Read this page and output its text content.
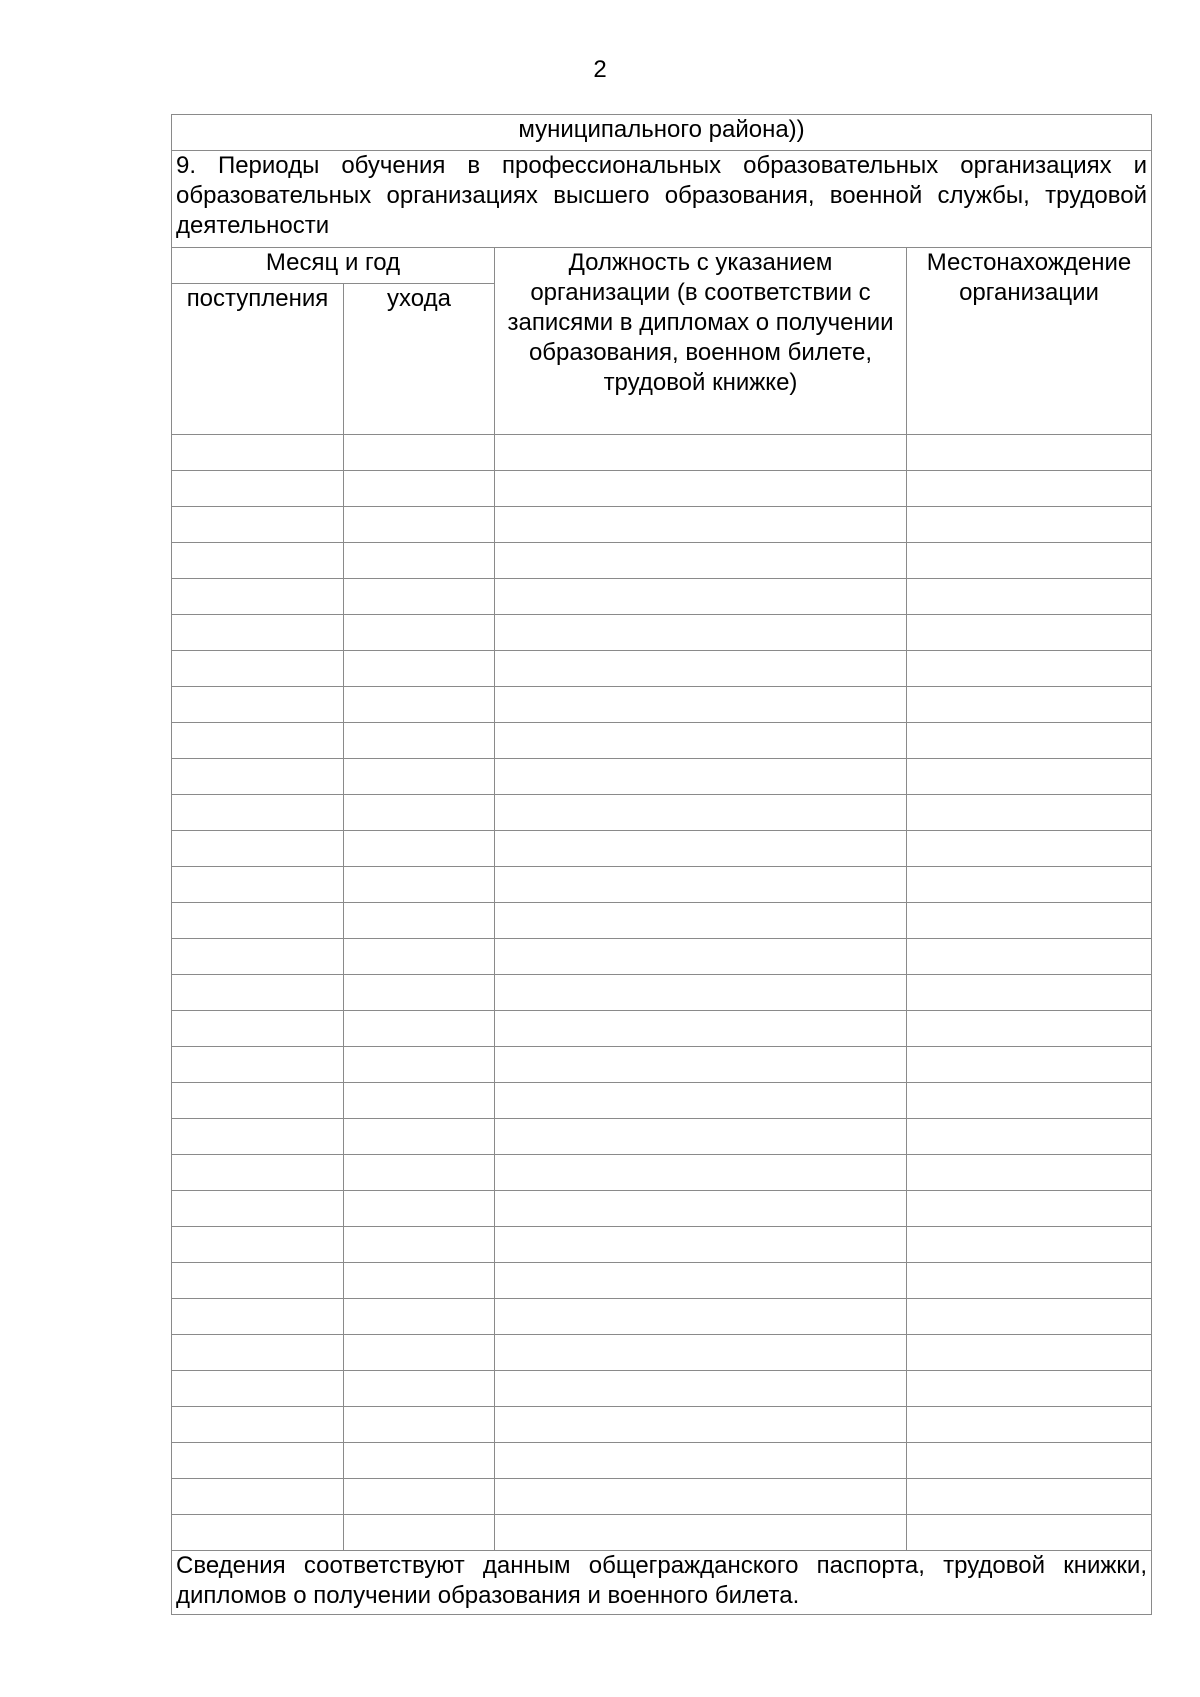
2
муниципального района))			
9. Периоды обучения в профессиональных образовательных организациях и образовательных организациях высшего образования, военной службы, трудовой деятельности			
Месяц и год		Должность с указанием организации (в соответствии с записями в дипломах о получении образования, военном билете, трудовой книжке)	Местонахождение организации
поступления	ухода		

Сведения соответствуют данным общегражданского паспорта, трудовой книжки, дипломов о получении образования и военного билета.			
